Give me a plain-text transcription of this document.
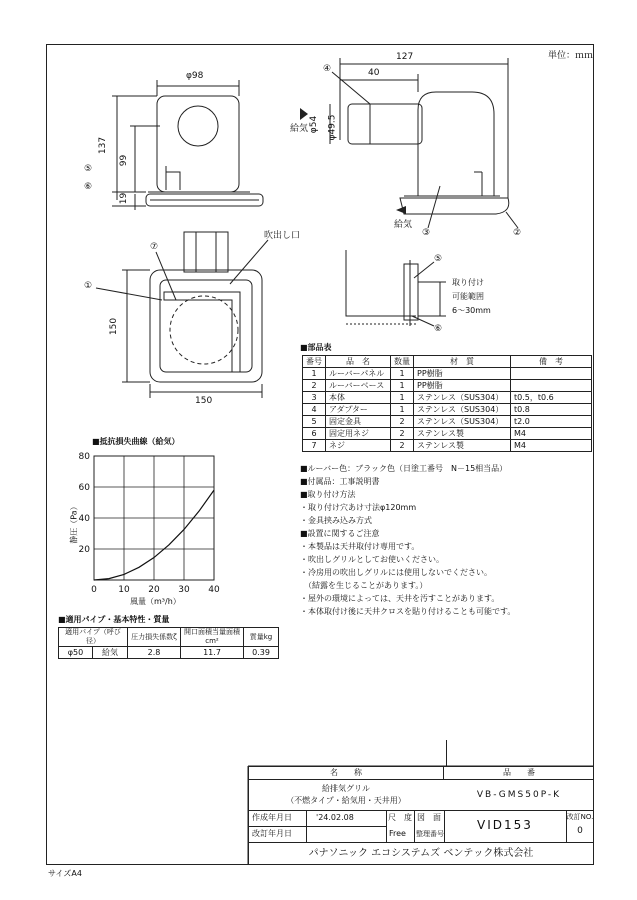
単位：ｍｍ
φ98
137
99
19
150
150
127
40
φ54 φ49.5
①
②
③
④
⑤
⑥
⑤
⑥
⑦
吹出し口
給気
給気
取り付け
可能範囲
6～30mm
■部品表
番号	品　名	数量	材　質	備　考
1	ルーバーパネル	1	PP樹脂	
2	ルーバーベース	1	PP樹脂	
3	本体	1	ステンレス（SUS304）	t0.5，t0.6
4	アダプター	1	ステンレス（SUS304）	t0.8
5	固定金具	2	ステンレス（SUS304）	t2.0
6	固定用ネジ	2	ステンレス製	M4
7	ネジ	2	ステンレス製	M4
■ルーバー色：ブラック色（日塗工番号　N－15相当品）
■付属品：工事説明書
■取り付け方法
・取り付け穴あけ寸法φ120mm
・金具挟み込み方式
■設置に関するご注意
・本製品は天井取付け専用です。
・吹出しグリルとしてお使いください。
・冷房用の吹出しグリルには使用しないでください。
　（結露を生じることがあります。）
・屋外の環境によっては、天井を汚すことがあります。
・本体取付け後に天井クロスを貼り付けることも可能です。
■抵抗損失曲線（給気）
0 10 20 30 40
20
40
60
80
風量（m³/h）
静圧（Pa）
■適用パイプ・基本特性・質量
適用パイプ（呼び径）		圧力損失係数ζ	開口面積当量面積cm²	質量kg
φ50	給気	2.8	11.7	0.39
名　　称	品　　番
給排気グリル
（不燃タイプ・給気用・天井用）
VB-GMS50P-K
作成年月日	'24.02.08
改訂年月日
尺　度
Free
図　面
整理番号
VID153
改訂NO.
0
パナソニック エコシステムズ ベンテック株式会社
サイズA4
